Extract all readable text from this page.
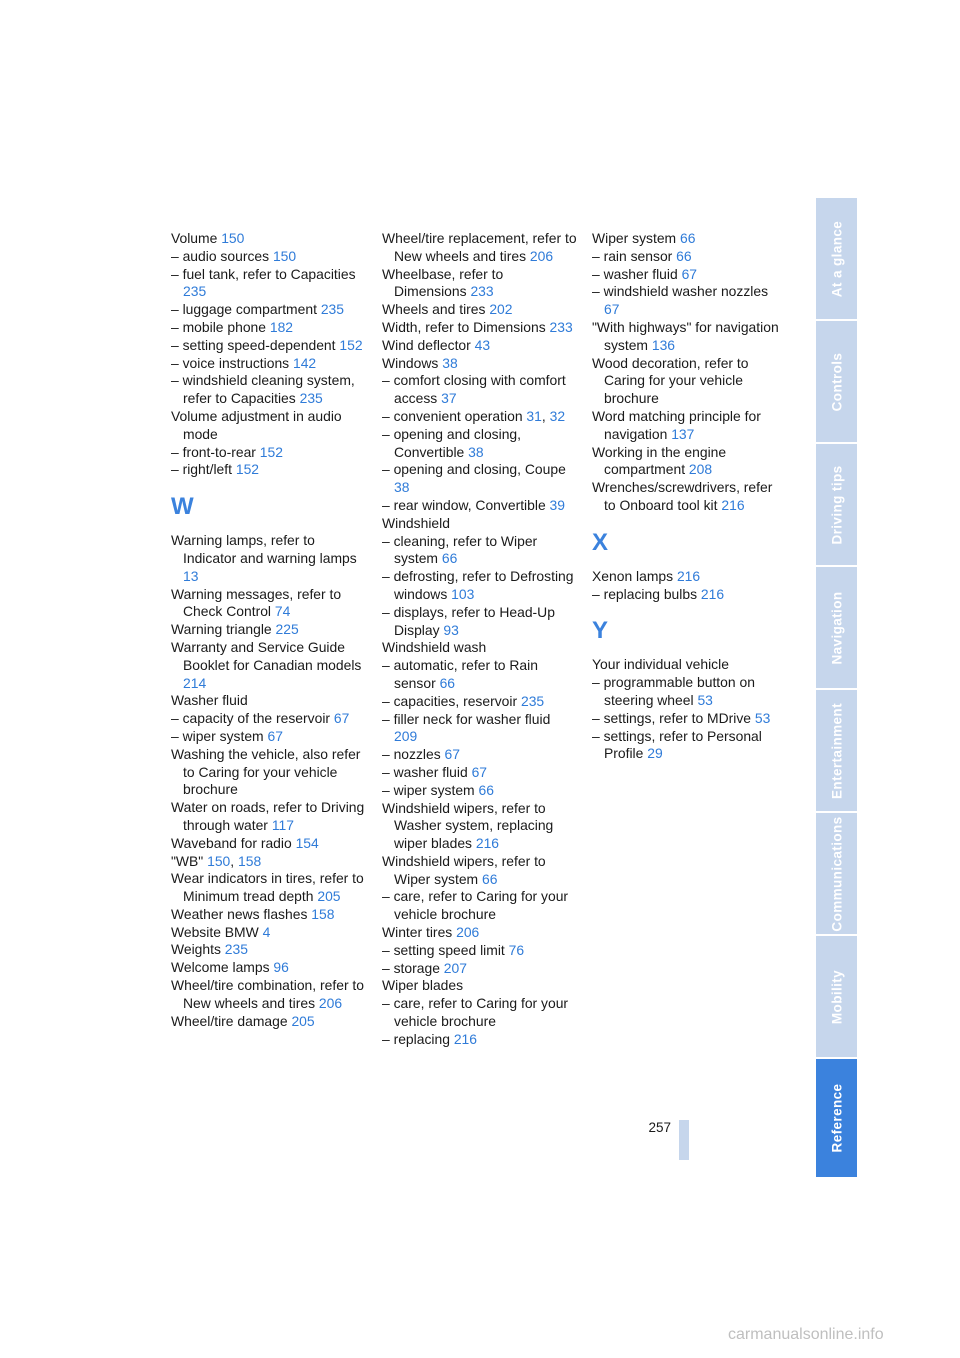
Volume 150
– audio sources 150
– fuel tank, refer to Capacities 235
– luggage compartment 235
– mobile phone 182
– setting speed-dependent 152
– voice instructions 142
– windshield cleaning system, refer to Capacities 235
Volume adjustment in audio mode
– front-to-rear 152
– right/left 152
W
Warning lamps, refer to Indicator and warning lamps 13
Warning messages, refer to Check Control 74
Warning triangle 225
Warranty and Service Guide Booklet for Canadian models 214
Washer fluid
– capacity of the reservoir 67
– wiper system 67
Washing the vehicle, also refer to Caring for your vehicle brochure
Water on roads, refer to Driving through water 117
Waveband for radio 154
"WB" 150, 158
Wear indicators in tires, refer to Minimum tread depth 205
Weather news flashes 158
Website BMW 4
Weights 235
Welcome lamps 96
Wheel/tire combination, refer to New wheels and tires 206
Wheel/tire damage 205
Wheel/tire replacement, refer to New wheels and tires 206
Wheelbase, refer to Dimensions 233
Wheels and tires 202
Width, refer to Dimensions 233
Wind deflector 43
Windows 38
– comfort closing with comfort access 37
– convenient operation 31, 32
– opening and closing, Convertible 38
– opening and closing, Coupe 38
– rear window, Convertible 39
Windshield
– cleaning, refer to Wiper system 66
– defrosting, refer to Defrosting windows 103
– displays, refer to Head-Up Display 93
Windshield wash
– automatic, refer to Rain sensor 66
– capacities, reservoir 235
– filler neck for washer fluid 209
– nozzles 67
– washer fluid 67
– wiper system 66
Windshield wipers, refer to Washer system, replacing wiper blades 216
Windshield wipers, refer to Wiper system 66
– care, refer to Caring for your vehicle brochure
Winter tires 206
– setting speed limit 76
– storage 207
Wiper blades
– care, refer to Caring for your vehicle brochure
– replacing 216
Wiper system 66
– rain sensor 66
– washer fluid 67
– windshield washer nozzles 67
"With highways" for navigation system 136
Wood decoration, refer to Caring for your vehicle brochure
Word matching principle for navigation 137
Working in the engine compartment 208
Wrenches/screwdrivers, refer to Onboard tool kit 216
X
Xenon lamps 216
– replacing bulbs 216
Y
Your individual vehicle
– programmable button on steering wheel 53
– settings, refer to MDrive 53
– settings, refer to Personal Profile 29
At a glance
Controls
Driving tips
Navigation
Entertainment
Communications
Mobility
Reference
257
carmanualsonline.info
